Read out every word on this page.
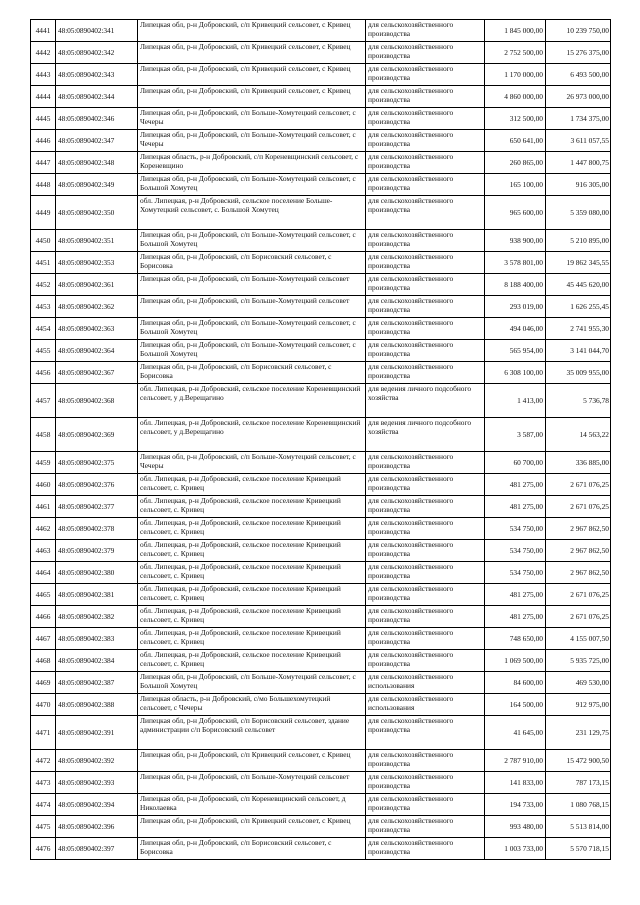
4441	48:05:0890402:341	Липецкая обл, р-н Добровский, с/п Кривецкий сельсовет, с Кривец	для сельскохозяйственного производства	1 845 000,00	10 239 750,00
4442	48:05:0890402:342	Липецкая обл, р-н Добровский, с/п Кривецкий сельсовет, с Кривец	для сельскохозяйственного производства	2 752 500,00	15 276 375,00
4443	48:05:0890402:343	Липецкая обл, р-н Добровский, с/п Кривецкий сельсовет, с Кривец	для сельскохозяйственного производства	1 170 000,00	6 493 500,00
4444	48:05:0890402:344	Липецкая обл, р-н Добровский, с/п Кривецкий сельсовет, с Кривец	для сельскохозяйственного производства	4 860 000,00	26 973 000,00
4445	48:05:0890402:346	Липецкая обл, р-н Добровский, с/п Больше-Хомутецкий сельсовет, с Чечеры	для сельскохозяйственного производства	312 500,00	1 734 375,00
4446	48:05:0890402:347	Липецкая обл, р-н Добровский, с/п Больше-Хомутецкий сельсовет, с Чечеры	для сельскохозяйственного производства	650 641,00	3 611 057,55
4447	48:05:0890402:348	Липецкая область, р-н Добровский, с/п Кореневщинский сельсовет, с Кореневщино	для сельскохозяйственного производства	260 865,00	1 447 800,75
4448	48:05:0890402:349	Липецкая обл, р-н Добровский, с/п Больше-Хомутецкий сельсовет, с Большой Хомутец	для сельскохозяйственного производства	165 100,00	916 305,00
4449	48:05:0890402:350	обл. Липецкая, р-н Добровский, сельское поселение Больше-Хомутецкий сельсовет, с. Большой Хомутец	для сельскохозяйственного производства	965 600,00	5 359 080,00
4450	48:05:0890402:351	Липецкая обл, р-н Добровский, с/п Больше-Хомутецкий сельсовет, с Большой Хомутец	для сельскохозяйственного производства	938 900,00	5 210 895,00
4451	48:05:0890402:353	Липецкая обл, р-н Добровский, с/п Борисовский сельсовет, с Борисовка	для сельскохозяйственного производства	3 578 801,00	19 862 345,55
4452	48:05:0890402:361	Липецкая обл, р-н Добровский, с/п Больше-Хомутецкий сельсовет	для сельскохозяйственного производства	8 188 400,00	45 445 620,00
4453	48:05:0890402:362	Липецкая обл, р-н Добровский, с/п Больше-Хомутецкий сельсовет	для сельскохозяйственного производства	293 019,00	1 626 255,45
4454	48:05:0890402:363	Липецкая обл, р-н Добровский, с/п Больше-Хомутецкий сельсовет, с Большой Хомутец	для сельскохозяйственного производства	494 046,00	2 741 955,30
4455	48:05:0890402:364	Липецкая обл, р-н Добровский, с/п Больше-Хомутецкий сельсовет, с Большой Хомутец	для сельскохозяйственного производства	565 954,00	3 141 044,70
4456	48:05:0890402:367	Липецкая обл, р-н Добровский, с/п Борисовский сельсовет, с Борисовка	для сельскохозяйственного производства	6 308 100,00	35 009 955,00
4457	48:05:0890402:368	обл. Липецкая, р-н Добровский, сельское поселение Кореневщинский сельсовет, у д.Верещагино	для ведения личного подсобного хозяйства	1 413,00	5 736,78
4458	48:05:0890402:369	обл. Липецкая, р-н Добровский, сельское поселение Кореневщинский сельсовет, у д.Верещагино	для ведения личного подсобного хозяйства	3 587,00	14 563,22
4459	48:05:0890402:375	Липецкая обл, р-н Добровский, с/п Больше-Хомутецкий сельсовет, с Чечеры	для сельскохозяйственного производства	60 700,00	336 885,00
4460	48:05:0890402:376	обл. Липецкая, р-н Добровский, сельское поселение Кривецкий сельсовет, с. Кривец	для сельскохозяйственного производства	481 275,00	2 671 076,25
4461	48:05:0890402:377	обл. Липецкая, р-н Добровский, сельское поселение Кривецкий сельсовет, с. Кривец	для сельскохозяйственного производства	481 275,00	2 671 076,25
4462	48:05:0890402:378	обл. Липецкая, р-н Добровский, сельское поселение Кривецкий сельсовет, с. Кривец	для сельскохозяйственного производства	534 750,00	2 967 862,50
4463	48:05:0890402:379	обл. Липецкая, р-н Добровский, сельское поселение Кривецкий сельсовет, с. Кривец	для сельскохозяйственного производства	534 750,00	2 967 862,50
4464	48:05:0890402:380	обл. Липецкая, р-н Добровский, сельское поселение Кривецкий сельсовет, с. Кривец	для сельскохозяйственного производства	534 750,00	2 967 862,50
4465	48:05:0890402:381	обл. Липецкая, р-н Добровский, сельское поселение Кривецкий сельсовет, с. Кривец	для сельскохозяйственного производства	481 275,00	2 671 076,25
4466	48:05:0890402:382	обл. Липецкая, р-н Добровский, сельское поселение Кривецкий сельсовет, с. Кривец	для сельскохозяйственного производства	481 275,00	2 671 076,25
4467	48:05:0890402:383	обл. Липецкая, р-н Добровский, сельское поселение Кривецкий сельсовет, с. Кривец	для сельскохозяйственного производства	748 650,00	4 155 007,50
4468	48:05:0890402:384	обл. Липецкая, р-н Добровский, сельское поселение Кривецкий сельсовет, с. Кривец	для сельскохозяйственного производства	1 069 500,00	5 935 725,00
4469	48:05:0890402:387	Липецкая обл, р-н Добровский, с/п Больше-Хомутецкий сельсовет, с Большой Хомутец	для сельскохозяйственного использования	84 600,00	469 530,00
4470	48:05:0890402:388	Липецкая область, р-н Добровский, с/мо Большехомутецкий сельсовет, с Чечеры	для сельскохозяйственного использования	164 500,00	912 975,00
4471	48:05:0890402:391	Липецкая обл, р-н Добровский, с/п Борисовский сельсовет, здание администрации с/п Борисовский сельсовет	для сельскохозяйственного производства	41 645,00	231 129,75
4472	48:05:0890402:392	Липецкая обл, р-н Добровский, с/п Кривецкий сельсовет, с Кривец	для сельскохозяйственного производства	2 787 910,00	15 472 900,50
4473	48:05:0890402:393	Липецкая обл, р-н Добровский, с/п Больше-Хомутецкий сельсовет	для сельскохозяйственного производства	141 833,00	787 173,15
4474	48:05:0890402:394	Липецкая обл, р-н Добровский, с/п Кореневщинский сельсовет, д Николаевка	для сельскохозяйственного производства	194 733,00	1 080 768,15
4475	48:05:0890402:396	Липецкая обл, р-н Добровский, с/п Кривецкий сельсовет, с Кривец	для сельскохозяйственного производства	993 480,00	5 513 814,00
4476	48:05:0890402:397	Липецкая обл, р-н Добровский, с/п Борисовский сельсовет, с Борисовка	для сельскохозяйственного производства	1 003 733,00	5 570 718,15
